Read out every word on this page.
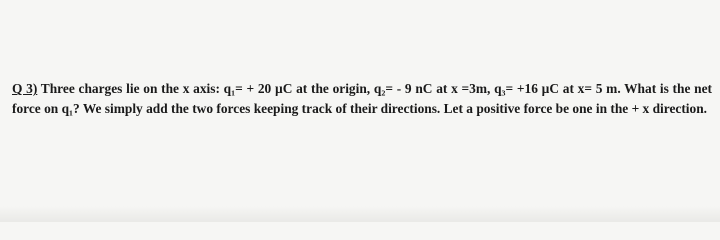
Q 3) Three charges lie on the x axis: q₁= + 20 µC at the origin, q₂= - 9 nC at x =3m, q₃= +16 µC at x= 5 m. What is the net force on q₁? We simply add the two forces keeping track of their directions. Let a positive force be one in the + x direction.
